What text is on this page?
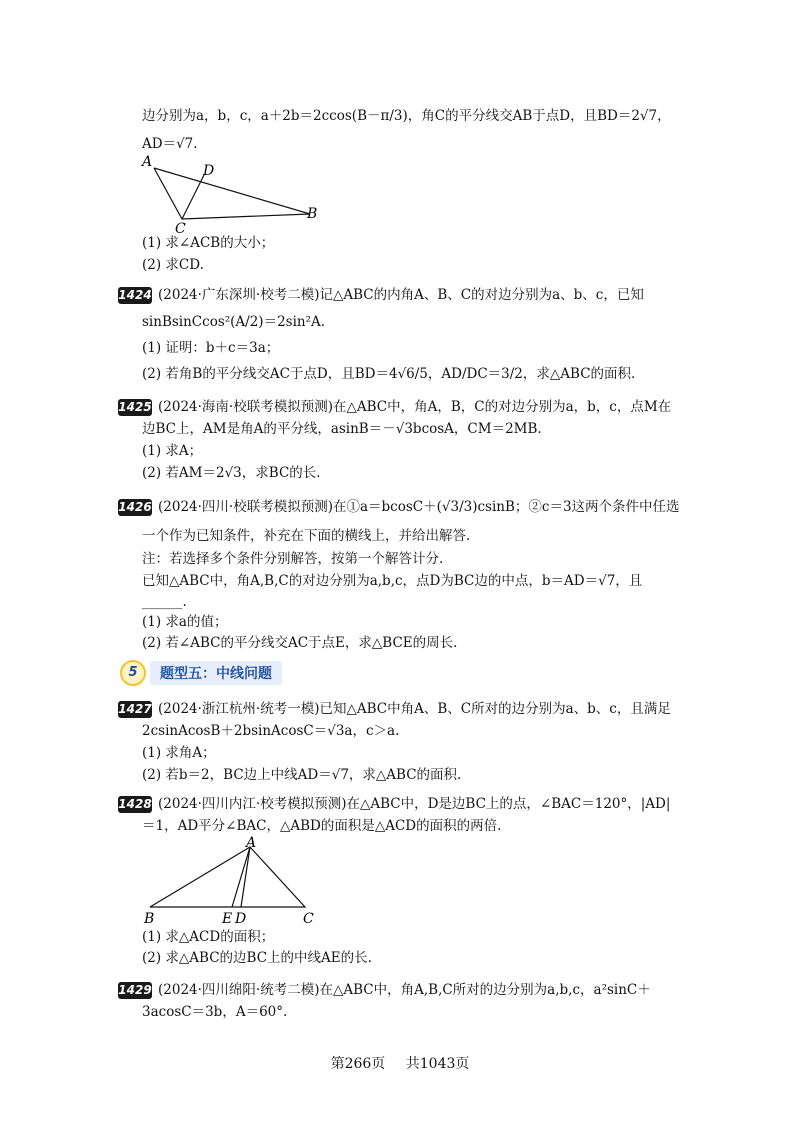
边分别为a，b，c，a＋2b＝2ccos(B－π/3)，角C的平分线交AB于点D，且BD＝2√7，
AD＝√7.
A
D
C
B
(1) 求∠ACB的大小；
(2) 求CD.
1424 (2024·广东深圳·校考二模)记△ABC的内角A、B、C的对边分别为a、b、c，已知
sinBsinCcos²(A/2)＝2sin²A.
(1) 证明：b＋c＝3a；
(2) 若角B的平分线交AC于点D，且BD＝4√6/5，AD/DC＝3/2，求△ABC的面积.
1425 (2024·海南·校联考模拟预测)在△ABC中，角A，B，C的对边分别为a，b，c，点M在
边BC上，AM是角A的平分线，asinB＝－√3bcosA，CM＝2MB.
(1) 求A；
(2) 若AM＝2√3，求BC的长.
1426 (2024·四川·校联考模拟预测)在①a＝bcosC＋(√3/3)csinB；②c＝3这两个条件中任选
一个作为已知条件，补充在下面的横线上，并给出解答.
注：若选择多个条件分别解答，按第一个解答计分.
已知△ABC中，角A,B,C的对边分别为a,b,c，点D为BC边的中点，b＝AD＝√7，且
______.
(1) 求a的值；
(2) 若∠ABC的平分线交AC于点E，求△BCE的周长.
5	题型五：中线问题
1427 (2024·浙江杭州·统考一模)已知△ABC中角A、B、C所对的边分别为a、b、c，且满足
2csinAcosB＋2bsinAcosC＝√3a，c＞a.
(1) 求角A；
(2) 若b＝2，BC边上中线AD＝√7，求△ABC的面积.
1428 (2024·四川内江·校考模拟预测)在△ABC中，D是边BC上的点，∠BAC＝120°，|AD|
＝1，AD平分∠BAC，△ABD的面积是△ACD的面积的两倍.
A
B	E D	C
(1) 求△ACD的面积；
(2) 求△ABC的边BC上的中线AE的长.
1429 (2024·四川绵阳·统考二模)在△ABC中，角A,B,C所对的边分别为a,b,c，a²sinC＋
3acosC＝3b，A＝60°.
第266页 共1043页
